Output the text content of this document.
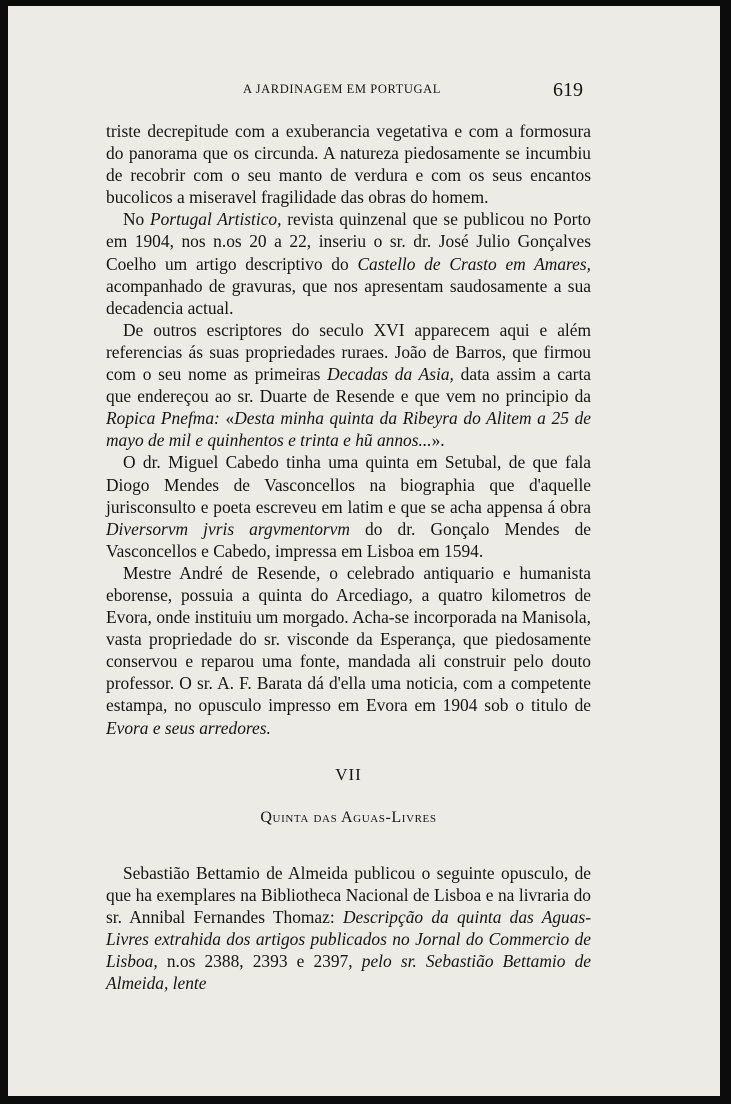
A JARDINAGEM EM PORTUGAL	619

triste decrepitude com a exuberancia vegetativa e com a formosura do panorama que os circunda. A natureza piedosamente se incumbiu de recobrir com o seu manto de verdura e com os seus encantos bucolicos a miseravel fragilidade das obras do homem.

No Portugal Artistico, revista quinzenal que se publicou no Porto em 1904, nos n.os 20 a 22, inseriu o sr. dr. José Julio Gonçalves Coelho um artigo descriptivo do Castello de Crasto em Amares, acompanhado de gravuras, que nos apresentam saudosamente a sua decadencia actual.

De outros escriptores do seculo XVI apparecem aqui e além referencias ás suas propriedades ruraes. João de Barros, que firmou com o seu nome as primeiras Decadas da Asia, data assim a carta que endereçou ao sr. Duarte de Resende e que vem no principio da Ropica Pnefma: «Desta minha quinta da Ribeyra do Alitem a 25 de mayo de mil e quinhentos e trinta e hũ annos...».

O dr. Miguel Cabedo tinha uma quinta em Setubal, de que fala Diogo Mendes de Vasconcellos na biographia que d'aquelle jurisconsulto e poeta escreveu em latim e que se acha appensa á obra Diversorvm jvris argvmentorvm do dr. Gonçalo Mendes de Vasconcellos e Cabedo, impressa em Lisboa em 1594.

Mestre André de Resende, o celebrado antiquario e humanista eborense, possuia a quinta do Arcediago, a quatro kilometros de Evora, onde instituiu um morgado. Acha-se incorporada na Manisola, vasta propriedade do sr. visconde da Esperança, que piedosamente conservou e reparou uma fonte, mandada ali construir pelo douto professor. O sr. A. F. Barata dá d'ella uma noticia, com a competente estampa, no opusculo impresso em Evora em 1904 sob o titulo de Evora e seus arredores.

VII

Quinta das Aguas-Livres

Sebastião Bettamio de Almeida publicou o seguinte opusculo, de que ha exemplares na Bibliotheca Nacional de Lisboa e na livraria do sr. Annibal Fernandes Thomaz: Descripção da quinta das Aguas-Livres extrahida dos artigos publicados no Jornal do Commercio de Lisboa, n.os 2388, 2393 e 2397, pelo sr. Sebastião Bettamio de Almeida, lente
